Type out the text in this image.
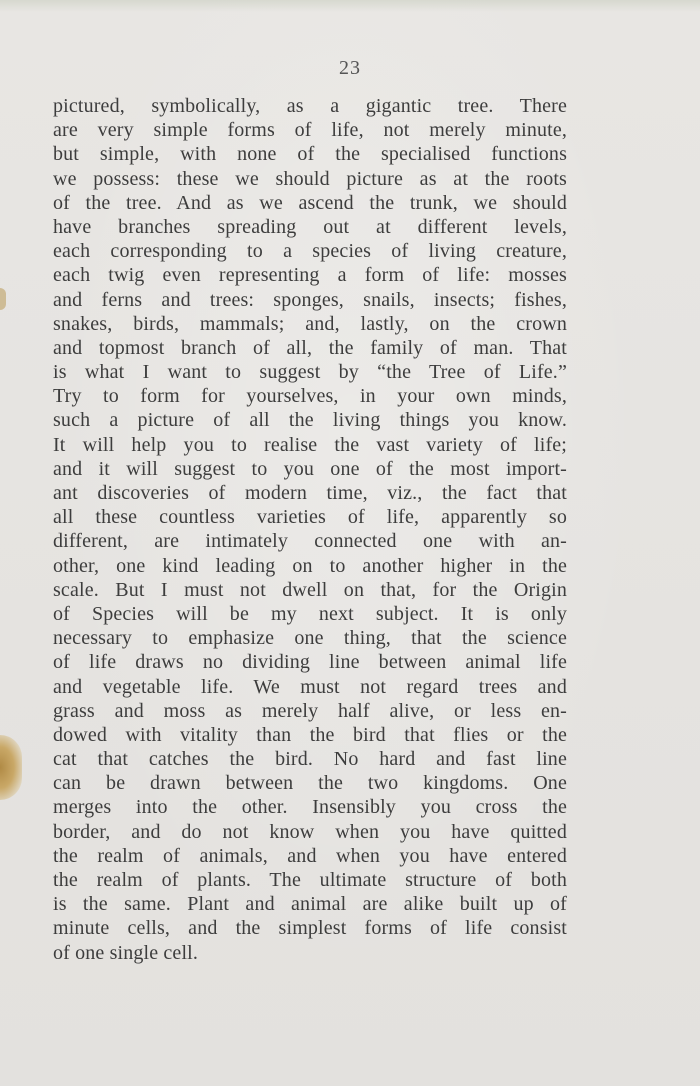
23
pictured, symbolically, as a gigantic tree. There
are very simple forms of life, not merely minute,
but simple, with none of the specialised functions
we possess: these we should picture as at the roots
of the tree. And as we ascend the trunk, we should
have branches spreading out at different levels,
each corresponding to a species of living creature,
each twig even representing a form of life: mosses
and ferns and trees: sponges, snails, insects; fishes,
snakes, birds, mammals; and, lastly, on the crown
and topmost branch of all, the family of man. That
is what I want to suggest by “the Tree of Life.”
Try to form for yourselves, in your own minds,
such a picture of all the living things you know.
It will help you to realise the vast variety of life;
and it will suggest to you one of the most import-
ant discoveries of modern time, viz., the fact that
all these countless varieties of life, apparently so
different, are intimately connected one with an-
other, one kind leading on to another higher in the
scale. But I must not dwell on that, for the Origin
of Species will be my next subject. It is only
necessary to emphasize one thing, that the science
of life draws no dividing line between animal life
and vegetable life. We must not regard trees and
grass and moss as merely half alive, or less en-
dowed with vitality than the bird that flies or the
cat that catches the bird. No hard and fast line
can be drawn between the two kingdoms. One
merges into the other. Insensibly you cross the
border, and do not know when you have quitted
the realm of animals, and when you have entered
the realm of plants. The ultimate structure of both
is the same. Plant and animal are alike built up of
minute cells, and the simplest forms of life consist
of one single cell.
